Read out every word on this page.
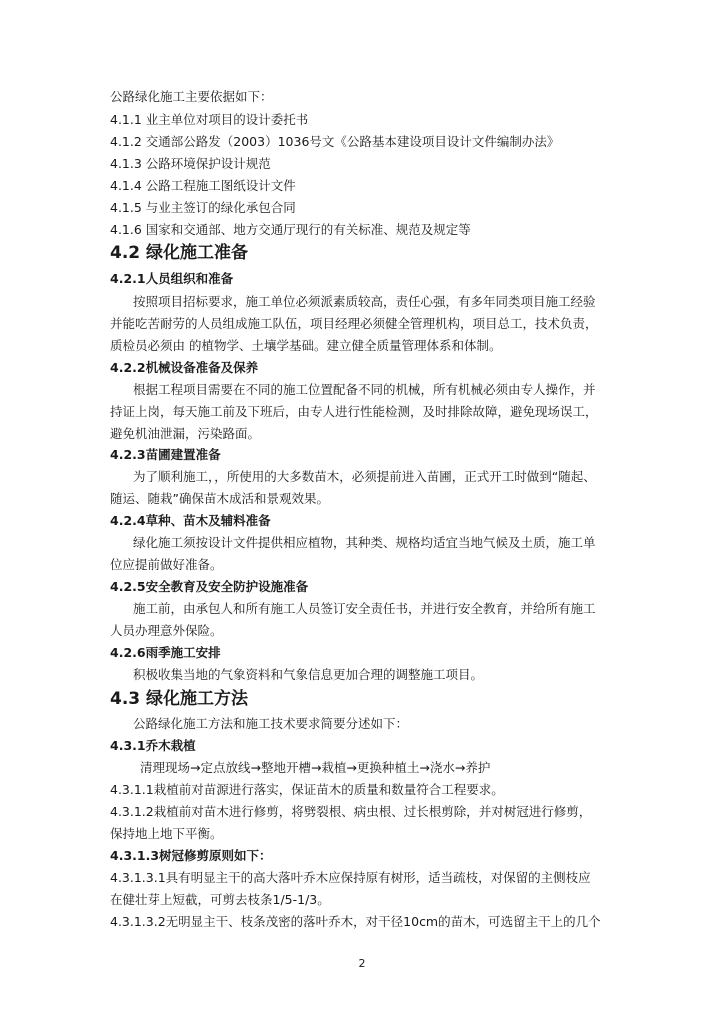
公路绿化施工主要依据如下：
4.1.1 业主单位对项目的设计委托书
4.1.2 交通部公路发（2003）1036号文《公路基本建设项目设计文件编制办法》
4.1.3 公路环境保护设计规范
4.1.4 公路工程施工图纸设计文件
4.1.5 与业主签订的绿化承包合同
4.1.6 国家和交通部、地方交通厅现行的有关标准、规范及规定等
4.2 绿化施工准备
4.2.1人员组织和准备
按照项目招标要求，施工单位必须派素质较高，责任心强，有多年同类项目施工经验
并能吃苦耐劳的人员组成施工队伍，项目经理必须健全管理机构，项目总工，技术负责，
质检员必须由 的植物学、土壤学基础。建立健全质量管理体系和体制。
4.2.2机械设备准备及保养
根据工程项目需要在不同的施工位置配备不同的机械，所有机械必须由专人操作，并
持证上岗，每天施工前及下班后，由专人进行性能检测，及时排除故障，避免现场误工，
避免机油泄漏，污染路面。
4.2.3苗圃建置准备
为了顺利施工，，所使用的大多数苗木，必须提前进入苗圃，正式开工时做到“随起、
随运、随栽”确保苗木成活和景观效果。
4.2.4草种、苗木及辅料准备
绿化施工须按设计文件提供相应植物，其种类、规格均适宜当地气候及土质，施工单
位应提前做好准备。
4.2.5安全教育及安全防护设施准备
施工前，由承包人和所有施工人员签订安全责任书，并进行安全教育，并给所有施工
人员办理意外保险。
4.2.6雨季施工安排
积极收集当地的气象资料和气象信息更加合理的调整施工项目。
4.3 绿化施工方法
公路绿化施工方法和施工技术要求简要分述如下：
4.3.1乔木栽植
清理现场→定点放线→整地开槽→栽植→更换种植土→浇水→养护
4.3.1.1栽植前对苗源进行落实，保证苗木的质量和数量符合工程要求。
4.3.1.2栽植前对苗木进行修剪，将劈裂根、病虫根、过长根剪除，并对树冠进行修剪，
保持地上地下平衡。
4.3.1.3树冠修剪原则如下：
4.3.1.3.1具有明显主干的高大落叶乔木应保持原有树形，适当疏枝，对保留的主侧枝应
在健壮芽上短截，可剪去枝条1/5-1/3。
4.3.1.3.2无明显主干、枝条茂密的落叶乔木，对干径10cm的苗木，可选留主干上的几个
2
